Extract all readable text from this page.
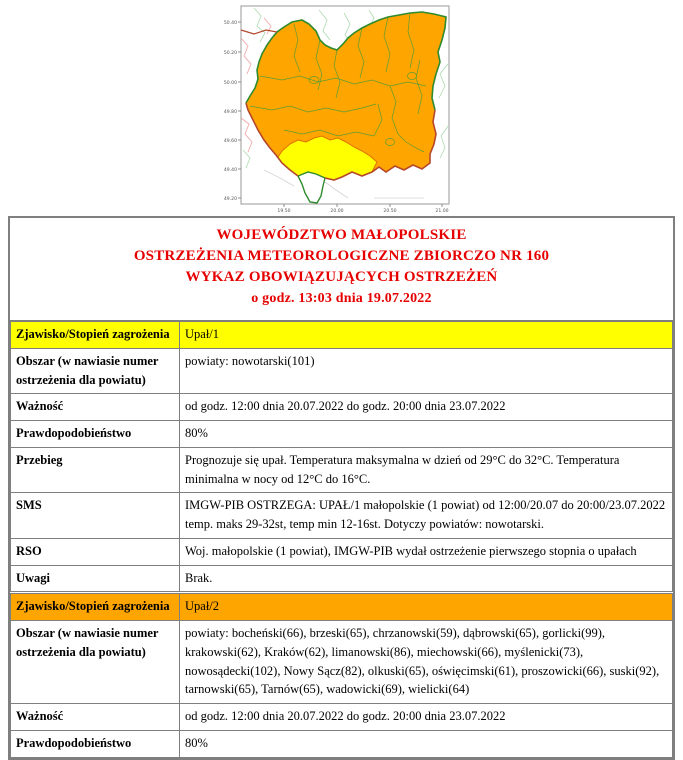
50.40
50.20
50.00
49.80
49.60
49.40
49.20
19.50	20.00	20.50	21.00
WOJEWÓDZTWO MAŁOPOLSKIE
OSTRZEŻENIA METEOROLOGICZNE ZBIORCZO NR 160
WYKAZ OBOWIĄZUJĄCYCH OSTRZEŻEŃ
o godz. 13:03 dnia 19.07.2022
Zjawisko/Stopień zagrożenia	Upał/1
Obszar (w nawiasie numer ostrzeżenia dla powiatu)	powiaty: nowotarski(101)
Ważność	od godz. 12:00 dnia 20.07.2022 do godz. 20:00 dnia 23.07.2022
Prawdopodobieństwo	80%
Przebieg	Prognozuje się upał. Temperatura maksymalna w dzień od 29°C do 32°C. Temperatura minimalna w nocy od 12°C do 16°C.
SMS	IMGW-PIB OSTRZEGA: UPAŁ/1 małopolskie (1 powiat) od 12:00/20.07 do 20:00/23.07.2022 temp. maks 29-32st, temp min 12-16st. Dotyczy powiatów: nowotarski.
RSO	Woj. małopolskie (1 powiat), IMGW-PIB wydał ostrzeżenie pierwszego stopnia o upałach
Uwagi	Brak.
Zjawisko/Stopień zagrożenia	Upał/2
Obszar (w nawiasie numer ostrzeżenia dla powiatu)	powiaty: bocheński(66), brzeski(65), chrzanowski(59), dąbrowski(65), gorlicki(99), krakowski(62), Kraków(62), limanowski(86), miechowski(66), myślenicki(73), nowosądecki(102), Nowy Sącz(82), olkuski(65), oświęcimski(61), proszowicki(66), suski(92), tarnowski(65), Tarnów(65), wadowicki(69), wielicki(64)
Ważność	od godz. 12:00 dnia 20.07.2022 do godz. 20:00 dnia 23.07.2022
Prawdopodobieństwo	80%
